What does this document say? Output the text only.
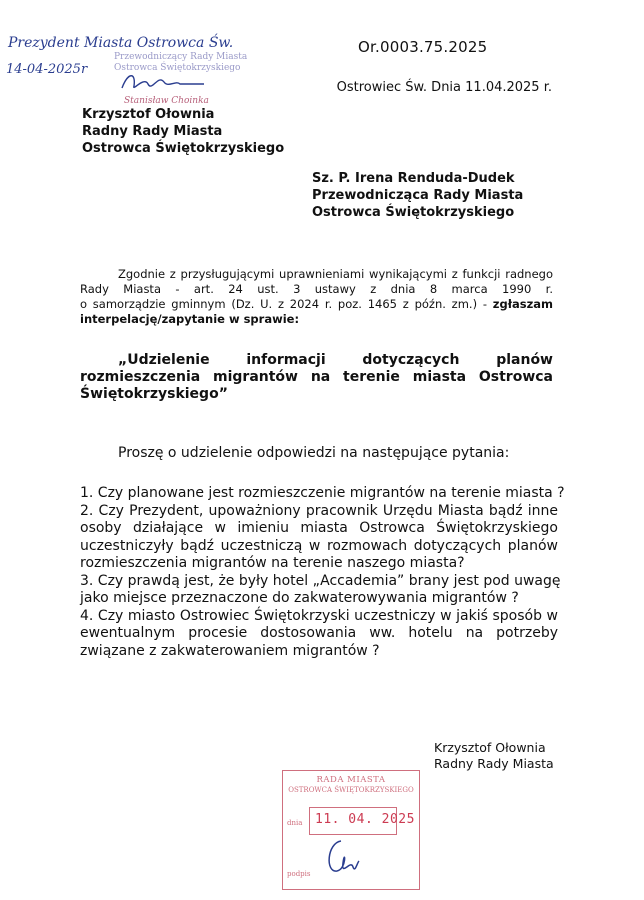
Prezydent Miasta Ostrowca Św.
14-04-2025r
Przewodniczący Rady Miasta
Ostrowca Świętokrzyskiego
Stanisław Choinka
Or.0003.75.2025
Ostrowiec Św. Dnia 11.04.2025 r.
Krzysztof Ołownia
Radny Rady Miasta
Ostrowca Świętokrzyskiego
Sz. P. Irena Renduda-Dudek
Przewodnicząca Rady Miasta
Ostrowca Świętokrzyskiego
Zgodnie z przysługującymi uprawnieniami wynikającymi z funkcji radnego
Rady Miasta - art. 24 ust. 3 ustawy z dnia 8 marca 1990 r.
o samorządzie gminnym (Dz. U. z 2024 r. poz. 1465 z późn. zm.) - zgłaszam
interpelację/zapytanie w sprawie:
„Udzielenie informacji dotyczących planów
rozmieszczenia migrantów na terenie miasta Ostrowca
Świętokrzyskiego”
Proszę o udzielenie odpowiedzi na następujące pytania:
1. Czy planowane jest rozmieszczenie migrantów na terenie miasta ?
2. Czy Prezydent, upoważniony pracownik Urzędu Miasta bądź inne
osoby działające w imieniu miasta Ostrowca Świętokrzyskiego
uczestniczyły bądź uczestniczą w rozmowach dotyczących planów
rozmieszczenia migrantów na terenie naszego miasta?
3. Czy prawdą jest, że były hotel „Accademia” brany jest pod uwagę
jako miejsce przeznaczone do zakwaterowywania migrantów ?
4. Czy miasto Ostrowiec Świętokrzyski uczestniczy w jakiś sposób w
ewentualnym procesie dostosowania ww. hotelu na potrzeby
związane z zakwaterowaniem migrantów ?
Krzysztof Ołownia
Radny Rady Miasta
RADA MIASTA
OSTROWCA ŚWIĘTOKRZYSKIEGO
dnia 11. 04. 2025
podpis
